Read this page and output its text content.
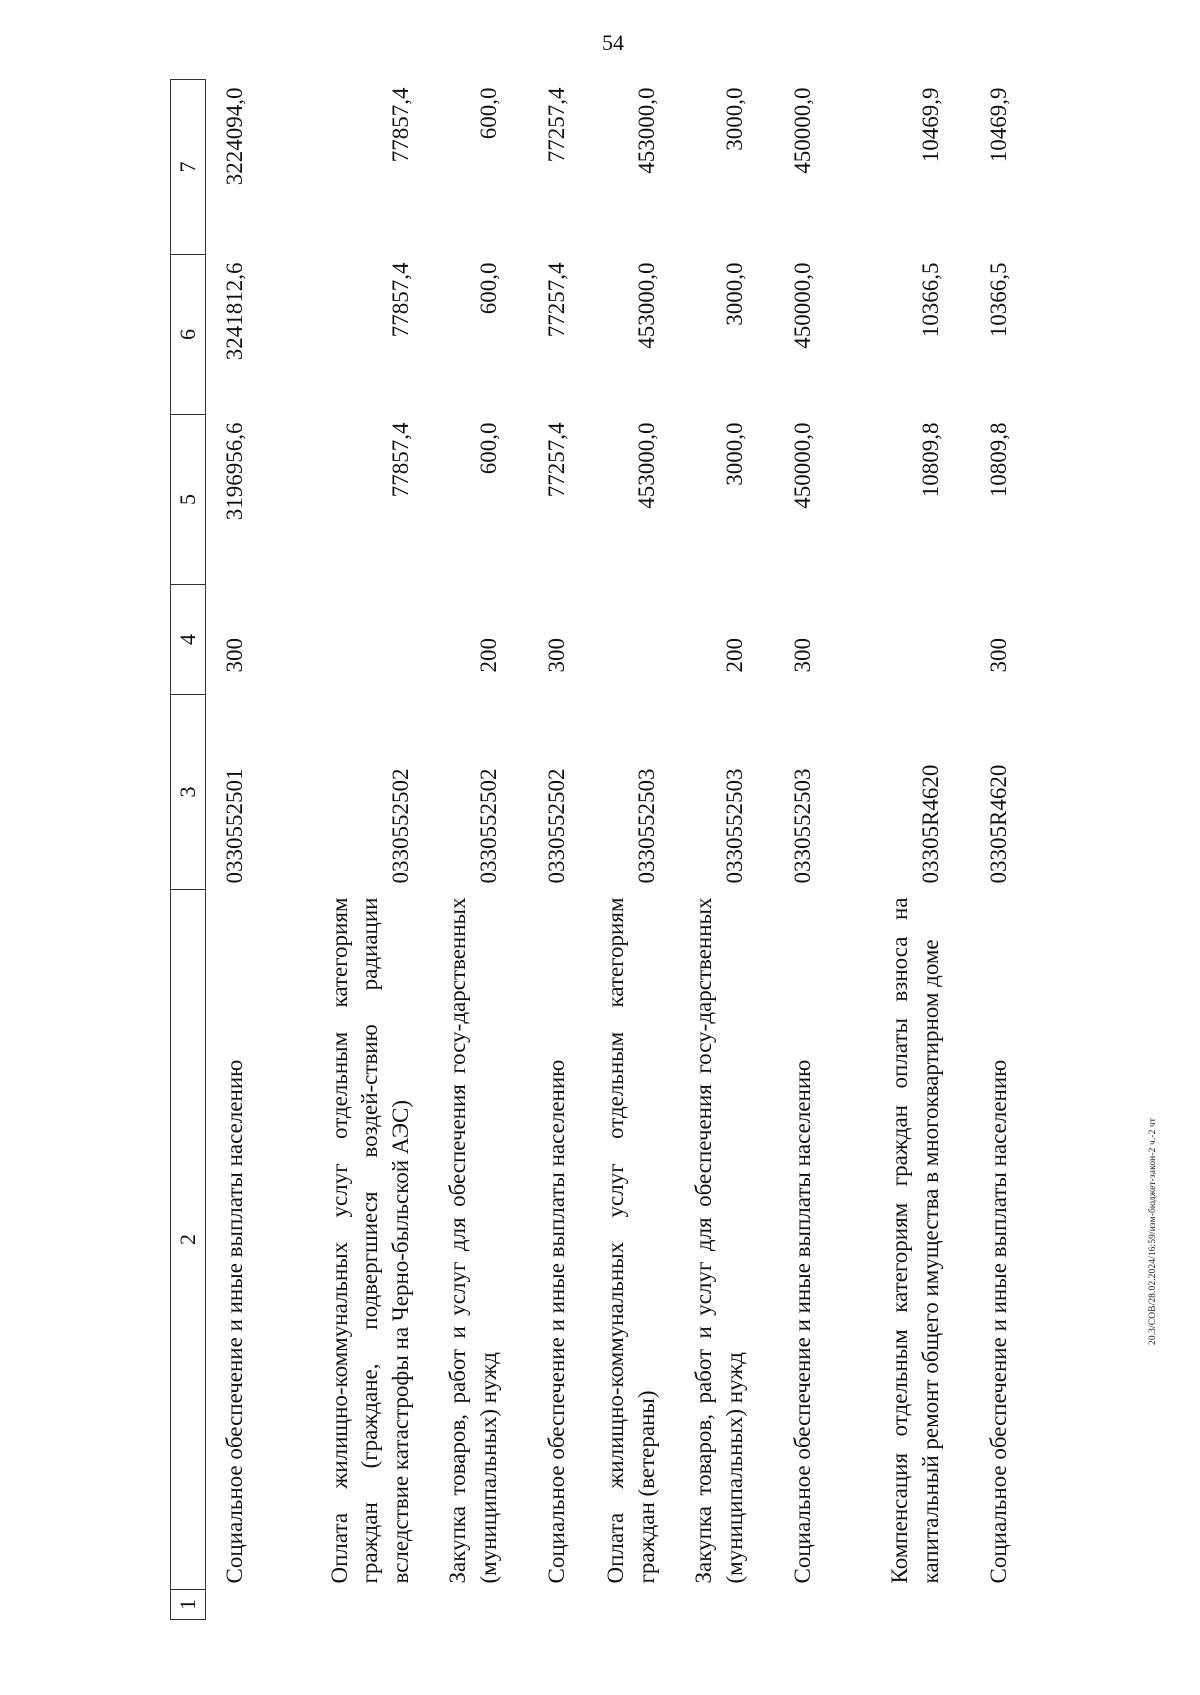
54
20.3/СОВ/28.02.2024/16:59/изм-бюджет-закон-2 ч.-2 чт
1	2	3	4	5	6	7
	Социальное обеспечение и иные выплаты населению	0330552501	300	3196956,6	3241812,6	3224094,0
	Оплата жилищно-коммунальных услуг отдельным категориям граждан (граждане, подвергшиеся воздей-ствию радиации вследствие катастрофы на Черно-быльской АЭС)	0330552502		77857,4	77857,4	77857,4
	Закупка товаров, работ и услуг для обеспечения госу-дарственных (муниципальных) нужд	0330552502	200	600,0	600,0	600,0
	Социальное обеспечение и иные выплаты населению	0330552502	300	77257,4	77257,4	77257,4
	Оплата жилищно-коммунальных услуг отдельным категориям граждан (ветераны)	0330552503		453000,0	453000,0	453000,0
	Закупка товаров, работ и услуг для обеспечения госу-дарственных (муниципальных) нужд	0330552503	200	3000,0	3000,0	3000,0
	Социальное обеспечение и иные выплаты населению	0330552503	300	450000,0	450000,0	450000,0
	Компенсация отдельным категориям граждан оплаты взноса на капитальный ремонт общего имущества в многоквартирном доме	03305R4620		10809,8	10366,5	10469,9
	Социальное обеспечение и иные выплаты населению	03305R4620	300	10809,8	10366,5	10469,9
